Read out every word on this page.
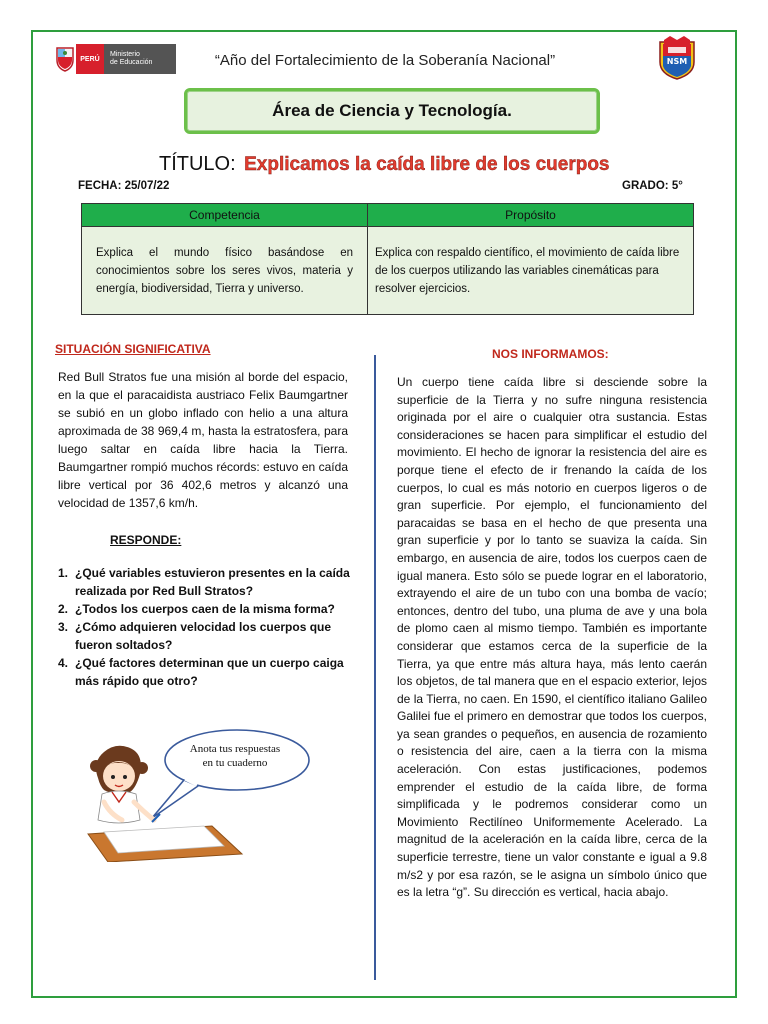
PERÚ
Ministerio
de Educación	“Año del Fortalecimiento de la Soberanía Nacional”	NSM
Área de Ciencia y Tecnología.
TÍTULO: Explicamos la caída libre de los cuerpos
FECHA: 25/07/22	GRADO: 5°
Competencia	Propósito
Explica el mundo físico basándose en conocimientos sobre los seres vivos, materia y energía, biodiversidad, Tierra y universo.	Explica con respaldo científico, el movimiento de caída libre de los cuerpos utilizando las variables cinemáticas para resolver ejercicios.
SITUACIÓN SIGNIFICATIVA
Red Bull Stratos fue una misión al borde del espacio, en la que el paracaidista austriaco Felix Baumgartner se subió en un globo inflado con helio a una altura aproximada de 38 969,4 m, hasta la estratosfera, para luego saltar en caída libre hacia la Tierra. Baumgartner rompió muchos récords: estuvo en caída libre vertical por 36 402,6 metros y alcanzó una velocidad de 1357,6 km/h.
RESPONDE:
1. ¿Qué variables estuvieron presentes en la caída realizada por Red Bull Stratos?
2. ¿Todos los cuerpos caen de la misma forma?
3. ¿Cómo adquieren velocidad los cuerpos que fueron soltados?
4. ¿Qué factores determinan que un cuerpo caiga más rápido que otro?
Anota tus respuestas
en tu cuaderno
NOS INFORMAMOS:
Un cuerpo tiene caída libre si desciende sobre la superficie de la Tierra y no sufre ninguna resistencia originada por el aire o cualquier otra sustancia. Estas consideraciones se hacen para simplificar el estudio del movimiento. El hecho de ignorar la resistencia del aire es porque tiene el efecto de ir frenando la caída de los cuerpos, lo cual es más notorio en cuerpos ligeros o de gran superficie. Por ejemplo, el funcionamiento del paracaidas se basa en el hecho de que presenta una gran superficie y por lo tanto se suaviza la caída. Sin embargo, en ausencia de aire, todos los cuerpos caen de igual manera. Esto sólo se puede lograr en el laboratorio, extrayendo el aire de un tubo con una bomba de vacío; entonces, dentro del tubo, una pluma de ave y una bola de plomo caen al mismo tiempo. También es importante considerar que estamos cerca de la superficie de la Tierra, ya que entre más altura haya, más lento caerán los objetos, de tal manera que en el espacio exterior, lejos de la Tierra, no caen. En 1590, el científico italiano Galileo Galilei fue el primero en demostrar que todos los cuerpos, ya sean grandes o pequeños, en ausencia de rozamiento o resistencia del aire, caen a la tierra con la misma aceleración. Con estas justificaciones, podemos emprender el estudio de la caída libre, de forma simplificada y le podremos considerar como un Movimiento Rectilíneo Uniformemente Acelerado. La magnitud de la aceleración en la caída libre, cerca de la superficie terrestre, tiene un valor constante e igual a 9.8 m/s2 y por esa razón, se le asigna un símbolo único que es la letra “g”. Su dirección es vertical, hacia abajo.
